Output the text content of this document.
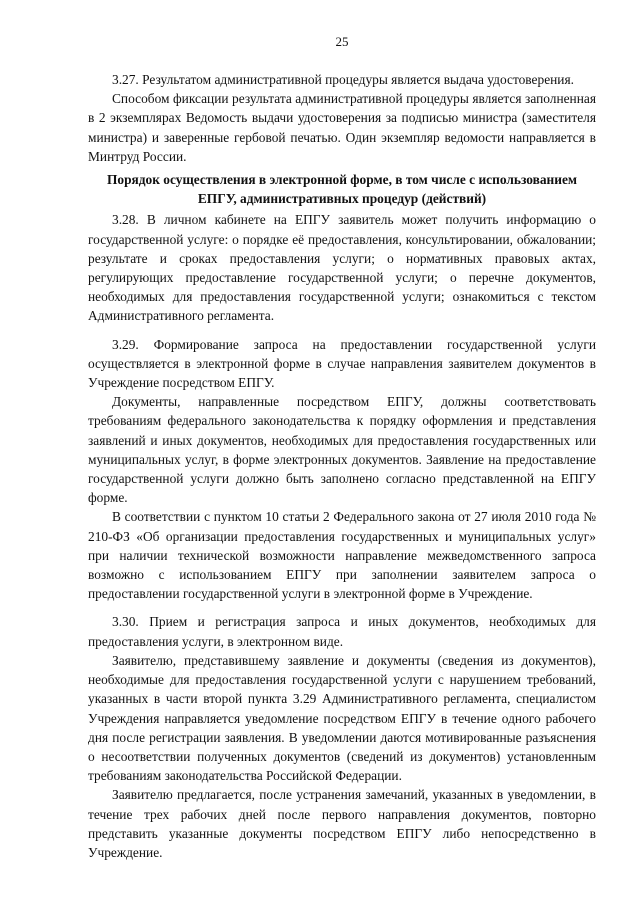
25

3.27. Результатом административной процедуры является выдача удостоверения.

Способом фиксации результата административной процедуры является заполненная в 2 экземплярах Ведомость выдачи удостоверения за подписью министра (заместителя министра) и заверенные гербовой печатью. Один экземпляр ведомости направляется в Минтруд России.

Порядок осуществления в электронной форме, в том числе с использованием ЕПГУ, административных процедур (действий)

3.28. В личном кабинете на ЕПГУ заявитель может получить информацию о государственной услуге: о порядке её предоставления, консультировании, обжаловании; результате и сроках предоставления услуги; о нормативных правовых актах, регулирующих предоставление государственной услуги; о перечне документов, необходимых для предоставления государственной услуги; ознакомиться с текстом Административного регламента.

3.29. Формирование запроса на предоставлении государственной услуги осуществляется в электронной форме в случае направления заявителем документов в Учреждение посредством ЕПГУ.

Документы, направленные посредством ЕПГУ, должны соответствовать требованиям федерального законодательства к порядку оформления и представления заявлений и иных документов, необходимых для предоставления государственных или муниципальных услуг, в форме электронных документов. Заявление на предоставление государственной услуги должно быть заполнено согласно представленной на ЕПГУ форме.

В соответствии с пунктом 10 статьи 2 Федерального закона от 27 июля 2010 года № 210-ФЗ «Об организации предоставления государственных и муниципальных услуг» при наличии технической возможности направление межведомственного запроса возможно с использованием ЕПГУ при заполнении заявителем запроса о предоставлении государственной услуги в электронной форме в Учреждение.

3.30. Прием и регистрация запроса и иных документов, необходимых для предоставления услуги, в электронном виде.

Заявителю, представившему заявление и документы (сведения из документов), необходимые для предоставления государственной услуги с нарушением требований, указанных в части второй пункта 3.29 Административного регламента, специалистом Учреждения направляется уведомление посредством ЕПГУ в течение одного рабочего дня после регистрации заявления. В уведомлении даются мотивированные разъяснения о несоответствии полученных документов (сведений из документов) установленным требованиям законодательства Российской Федерации.

Заявителю предлагается, после устранения замечаний, указанных в уведомлении, в течение трех рабочих дней после первого направления документов, повторно представить указанные документы посредством ЕПГУ либо непосредственно в Учреждение.
